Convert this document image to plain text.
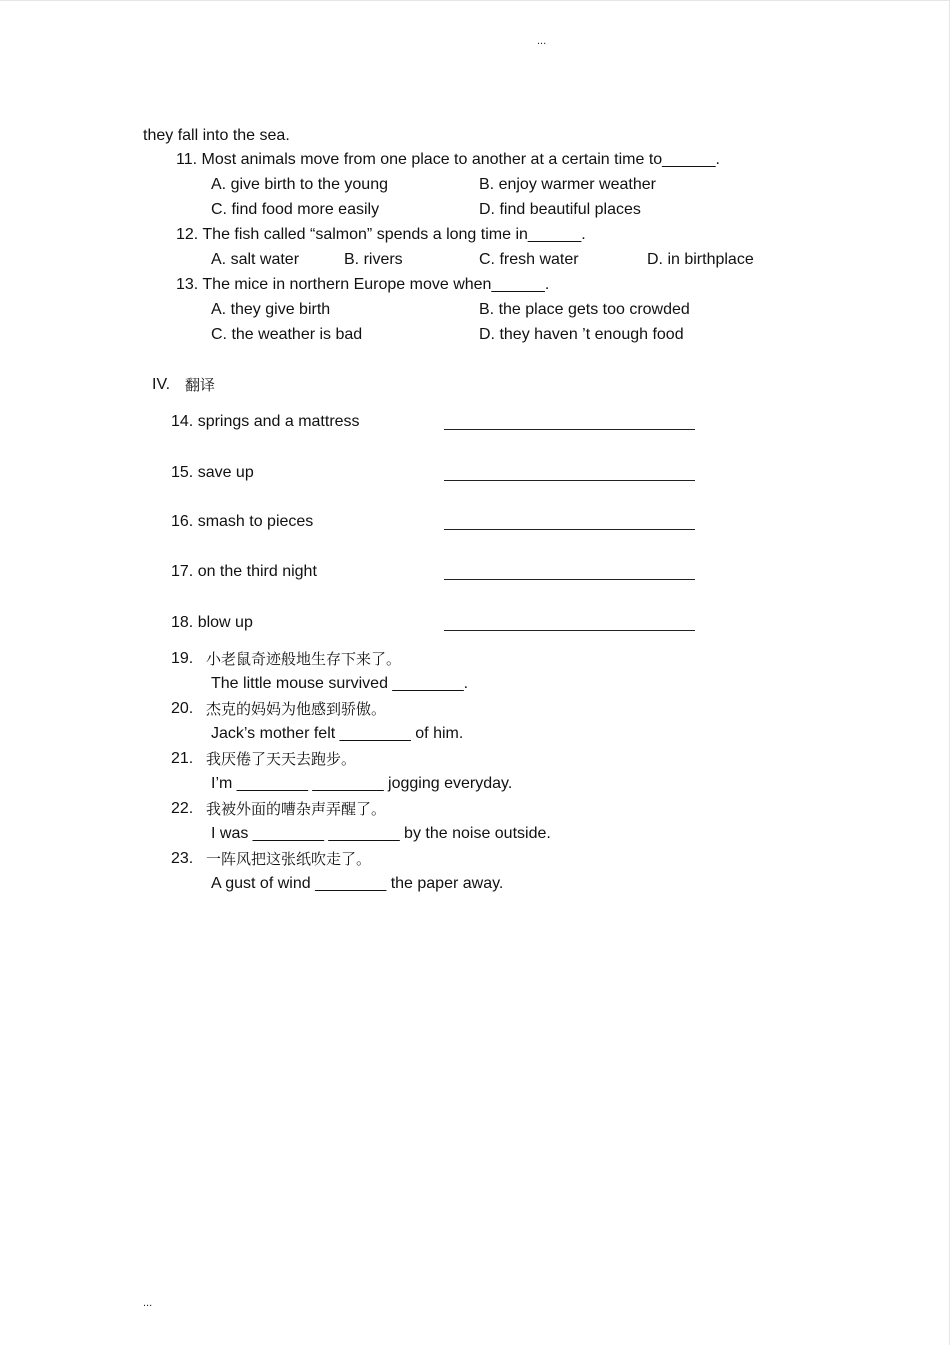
...
they fall into the sea.
11. Most animals move from one place to another at a certain time to______.
A. give birth to the young	B. enjoy warmer weather
C. find food more easily	D. find beautiful places
12. The fish called “salmon” spends a long time in______.
A. salt water	B. rivers	C. fresh water	D. in birthplace
13. The mice in northern Europe move when______.
A. they give birth	B. the place gets too crowded
C. the weather is bad	D. they haven ’t enough food
IV. 翻译
14. springs and a mattress
15. save up
16. smash to pieces
17. on the third night
18. blow up
19. 小老鼠奇迹般地生存下来了。
The little mouse survived ________.
20. 杰克的妈妈为他感到骄傲。
Jack’s mother felt ________ of him.
21. 我厌倦了天天去跑步。
I’m ________ ________ jogging everyday.
22. 我被外面的嘈杂声弄醒了。
I was ________ ________ by the noise outside.
23. 一阵风把这张纸吹走了。
A gust of wind ________ the paper away.
...
